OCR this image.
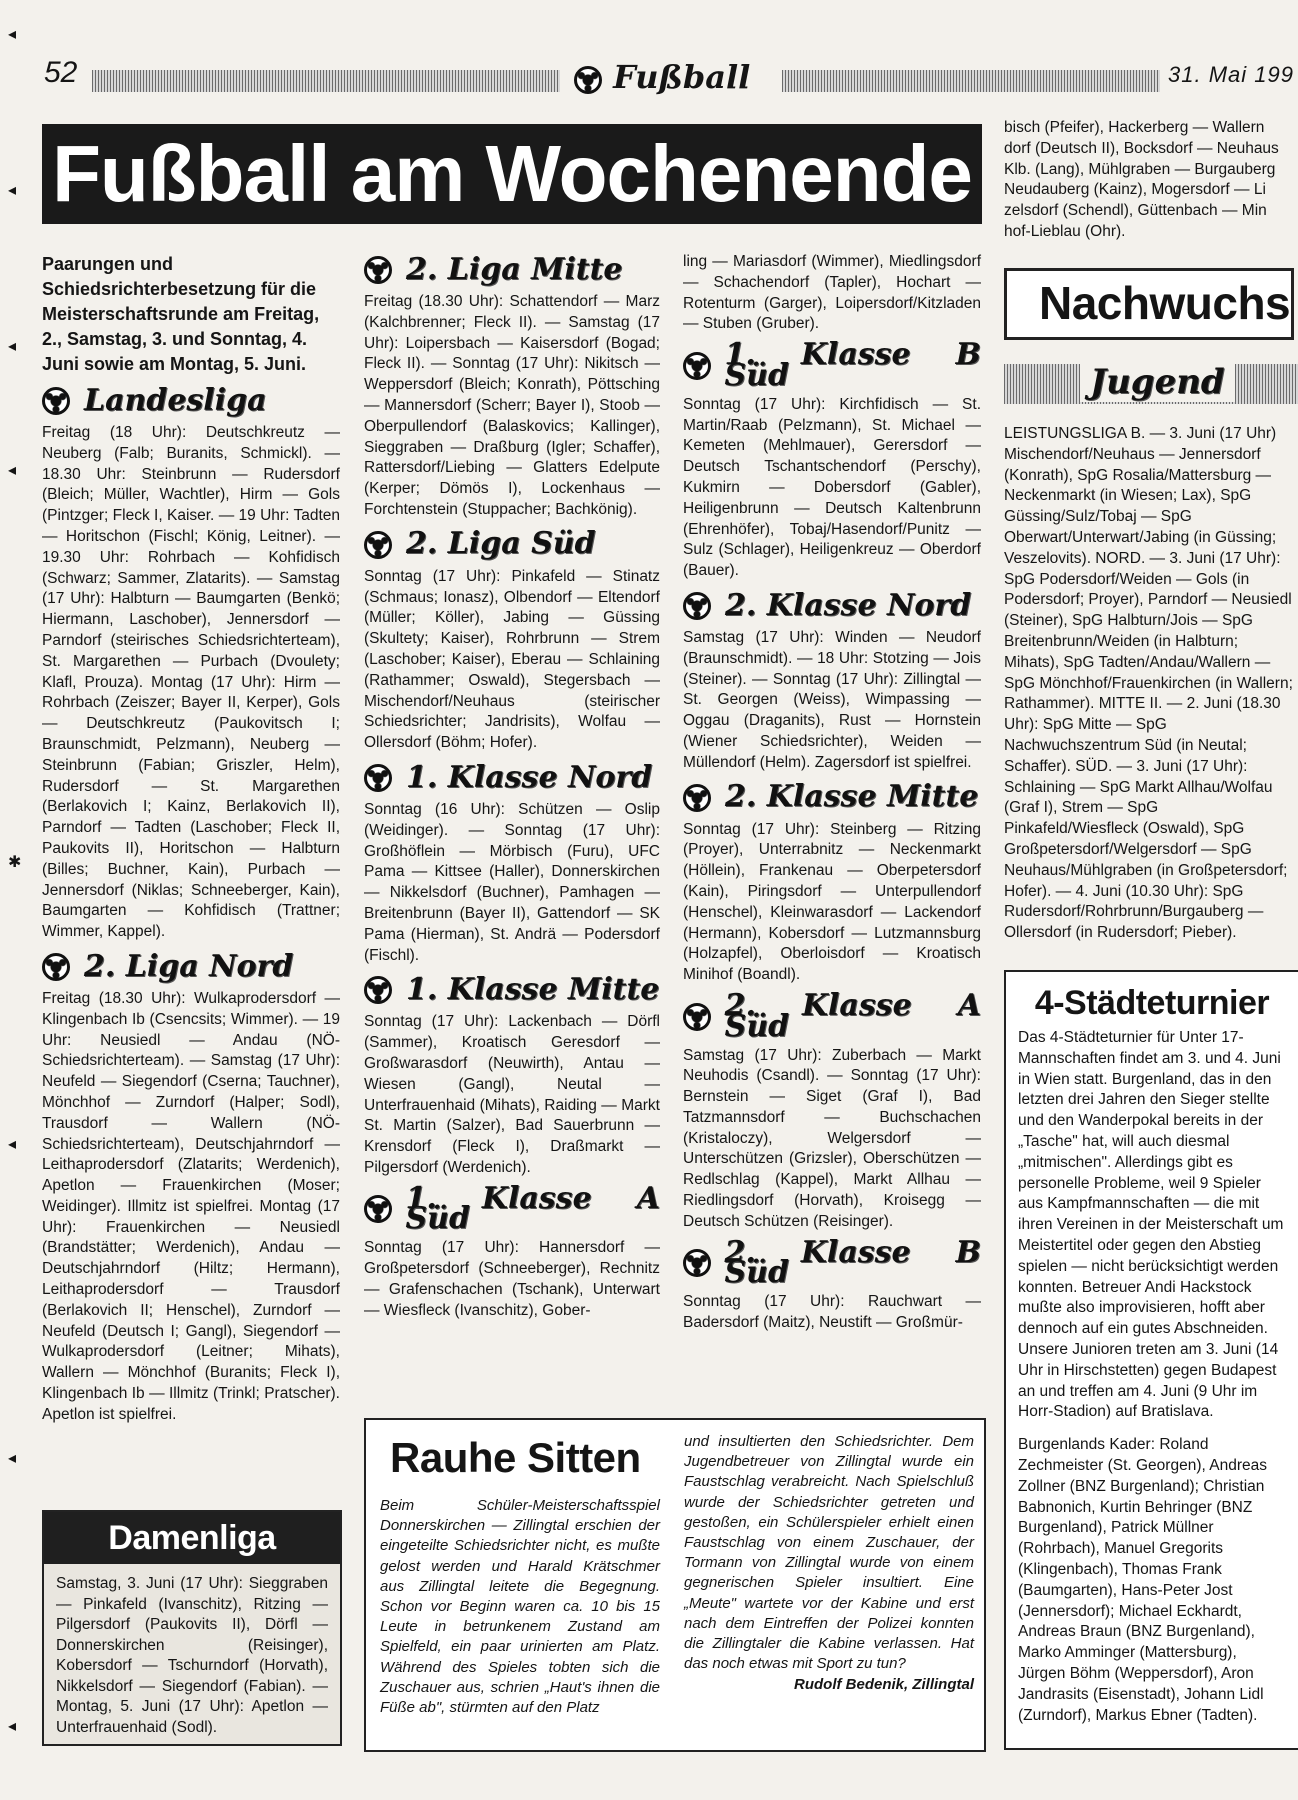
52	Fußball	31. Mai 199
Fußball am Wochenende

Paarungen und Schiedsrichterbesetzung für die Meisterschaftsrunde am Freitag, 2., Samstag, 3. und Sonntag, 4. Juni sowie am Montag, 5. Juni.

Landesliga

Freitag (18 Uhr): Deutschkreutz — Neuberg (Falb; Buranits, Schmickl). — 18.30 Uhr: Steinbrunn — Rudersdorf (Bleich; Müller, Wachtler), Hirm — Gols (Pintzger; Fleck I, Kaiser. — 19 Uhr: Tadten — Horitschon (Fischl; König, Leitner). — 19.30 Uhr: Rohrbach — Kohfidisch (Schwarz; Sammer, Zlatarits). — Samstag (17 Uhr): Halbturn — Baumgarten (Benkö; Hiermann, Laschober), Jennersdorf — Parndorf (steirisches Schiedsrichterteam), St. Margarethen — Purbach (Dvoulety; Klafl, Prouza). Montag (17 Uhr): Hirm — Rohrbach (Zeiszer; Bayer II, Kerper), Gols — Deutschkreutz (Paukovitsch I; Braunschmidt, Pelzmann), Neuberg — Steinbrunn (Fabian; Griszler, Helm), Rudersdorf — St. Margarethen (Berlakovich I; Kainz, Berlakovich II), Parndorf — Tadten (Laschober; Fleck II, Paukovits II), Horitschon — Halbturn (Billes; Buchner, Kain), Purbach — Jennersdorf (Niklas; Schneeberger, Kain), Baumgarten — Kohfidisch (Trattner; Wimmer, Kappel).

2. Liga Nord

Freitag (18.30 Uhr): Wulkaprodersdorf — Klingenbach Ib (Csencsits; Wimmer). — 19 Uhr: Neusiedl — Andau (NÖ-Schiedsrichterteam). — Samstag (17 Uhr): Neufeld — Siegendorf (Cserna; Tauchner), Mönchhof — Zurndorf (Halper; Sodl), Trausdorf — Wallern (NÖ-Schiedsrichterteam), Deutschjahrndorf — Leithaprodersdorf (Zlatarits; Werdenich), Apetlon — Frauenkirchen (Moser; Weidinger). Illmitz ist spielfrei. Montag (17 Uhr): Frauenkirchen — Neusiedl (Brandstätter; Werdenich), Andau — Deutschjahrndorf (Hiltz; Hermann), Leithaprodersdorf — Trausdorf (Berlakovich II; Henschel), Zurndorf — Neufeld (Deutsch I; Gangl), Siegendorf — Wulkaprodersdorf (Leitner; Mihats), Wallern — Mönchhof (Buranits; Fleck I), Klingenbach Ib — Illmitz (Trinkl; Pratscher). Apetlon ist spielfrei.

Damenliga

Samstag, 3. Juni (17 Uhr): Sieggraben — Pinkafeld (Ivanschitz), Ritzing — Pilgersdorf (Paukovits II), Dörfl — Donnerskirchen (Reisinger), Kobersdorf — Tschurndorf (Horvath), Nikkelsdorf — Siegendorf (Fabian). — Montag, 5. Juni (17 Uhr): Apetlon — Unterfrauenhaid (Sodl).

2. Liga Mitte

Freitag (18.30 Uhr): Schattendorf — Marz (Kalchbrenner; Fleck II). — Samstag (17 Uhr): Loipersbach — Kaisersdorf (Bogad; Fleck II). — Sonntag (17 Uhr): Nikitsch — Weppersdorf (Bleich; Konrath), Pöttsching — Mannersdorf (Scherr; Bayer I), Stoob — Oberpullendorf (Balaskovics; Kallinger), Sieggraben — Draßburg (Igler; Schaffer), Rattersdorf/Liebing — Glatters Edelpute (Kerper; Dömös I), Lockenhaus — Forchtenstein (Stuppacher; Bachkönig).

2. Liga Süd

Sonntag (17 Uhr): Pinkafeld — Stinatz (Schmaus; Ionasz), Olbendorf — Eltendorf (Müller; Köller), Jabing — Güssing (Skultety; Kaiser), Rohrbrunn — Strem (Laschober; Kaiser), Eberau — Schlaining (Rathammer; Oswald), Stegersbach — Mischendorf/Neuhaus (steirischer Schiedsrichter; Jandrisits), Wolfau — Ollersdorf (Böhm; Hofer).

1. Klasse Nord

Sonntag (16 Uhr): Schützen — Oslip (Weidinger). — Sonntag (17 Uhr): Großhöflein — Mörbisch (Furu), UFC Pama — Kittsee (Haller), Donnerskirchen — Nikkelsdorf (Buchner), Pamhagen — Breitenbrunn (Bayer II), Gattendorf — SK Pama (Hierman), St. Andrä — Podersdorf (Fischl).

1. Klasse Mitte

Sonntag (17 Uhr): Lackenbach — Dörfl (Sammer), Kroatisch Geresdorf — Großwarasdorf (Neuwirth), Antau — Wiesen (Gangl), Neutal — Unterfrauenhaid (Mihats), Raiding — Markt St. Martin (Salzer), Bad Sauerbrunn — Krensdorf (Fleck I), Draßmarkt — Pilgersdorf (Werdenich).

1. Klasse A Süd

Sonntag (17 Uhr): Hannersdorf — Großpetersdorf (Schneeberger), Rechnitz — Grafenschachen (Tschank), Unterwart — Wiesfleck (Ivanschitz), Gober-

ling — Mariasdorf (Wimmer), Miedlingsdorf — Schachendorf (Tapler), Hochart — Rotenturm (Garger), Loipersdorf/Kitzladen — Stuben (Gruber).

1. Klasse B Süd

Sonntag (17 Uhr): Kirchfidisch — St. Martin/Raab (Pelzmann), St. Michael — Kemeten (Mehlmauer), Gerersdorf — Deutsch Tschantschendorf (Perschy), Kukmirn — Dobersdorf (Gabler), Heiligenbrunn — Deutsch Kaltenbrunn (Ehrenhöfer), Tobaj/Hasendorf/Punitz — Sulz (Schlager), Heiligenkreuz — Oberdorf (Bauer).

2. Klasse Nord

Samstag (17 Uhr): Winden — Neudorf (Braunschmidt). — 18 Uhr: Stotzing — Jois (Steiner). — Sonntag (17 Uhr): Zillingtal — St. Georgen (Weiss), Wimpassing — Oggau (Draganits), Rust — Hornstein (Wiener Schiedsrichter), Weiden — Müllendorf (Helm). Zagersdorf ist spielfrei.

2. Klasse Mitte

Sonntag (17 Uhr): Steinberg — Ritzing (Proyer), Unterrabnitz — Neckenmarkt (Höllein), Frankenau — Oberpetersdorf (Kain), Piringsdorf — Unterpullendorf (Henschel), Kleinwarasdorf — Lackendorf (Hermann), Kobersdorf — Lutzmannsburg (Holzapfel), Oberloisdorf — Kroatisch Minihof (Boandl).

2. Klasse A Süd

Samstag (17 Uhr): Zuberbach — Markt Neuhodis (Csandl). — Sonntag (17 Uhr): Bernstein — Siget (Graf I), Bad Tatzmannsdorf — Buchschachen (Kristaloczy), Welgersdorf — Unterschützen (Grizsler), Oberschützen — Redlschlag (Kappel), Markt Allhau — Riedlingsdorf (Horvath), Kroisegg — Deutsch Schützen (Reisinger).

2. Klasse B Süd

Sonntag (17 Uhr): Rauchwart — Badersdorf (Maitz), Neustift — Großmür-

Rauhe Sitten

Beim Schüler-Meisterschaftsspiel Donnerskirchen — Zillingtal erschien der eingeteilte Schiedsrichter nicht, es mußte gelost werden und Harald Krätschmer aus Zillingtal leitete die Begegnung. Schon vor Beginn waren ca. 10 bis 15 Leute in betrunkenem Zustand am Spielfeld, ein paar urinierten am Platz. Während des Spieles tobten sich die Zuschauer aus, schrien „Haut's ihnen die Füße ab", stürmten auf den Platz

und insultierten den Schiedsrichter. Dem Jugendbetreuer von Zillingtal wurde ein Faustschlag verabreicht. Nach Spielschluß wurde der Schiedsrichter getreten und gestoßen, ein Schülerspieler erhielt einen Faustschlag von einem Zuschauer, der Tormann von Zillingtal wurde von einem gegnerischen Spieler insultiert. Eine „Meute" wartete vor der Kabine und erst nach dem Eintreffen der Polizei konnten die Zillingtaler die Kabine verlassen. Hat das noch etwas mit Sport zu tun?

Rudolf Bedenik, Zillingtal

bisch (Pfeifer), Hackerberg — Wallern dorf (Deutsch II), Bocksdorf — Neuhaus Klb. (Lang), Mühlgraben — Burgauberg Neudauberg (Kainz), Mogersdorf — Li zelsdorf (Schendl), Güttenbach — Min hof-Lieblau (Ohr).

Nachwuchs
Jugend

LEISTUNGSLIGA B. — 3. Juni (17 Uhr) Mischendorf/Neuhaus — Jennersdorf (Konrath), SpG Rosalia/Mattersburg — Neckenmarkt (in Wiesen; Lax), SpG Güssing/Sulz/Tobaj — SpG Oberwart/Unterwart/Jabing (in Güssing; Veszelovits). NORD. — 3. Juni (17 Uhr): SpG Podersdorf/Weiden — Gols (in Podersdorf; Proyer), Parndorf — Neusiedl (Steiner), SpG Halbturn/Jois — SpG Breitenbrunn/Weiden (in Halbturn; Mihats), SpG Tadten/Andau/Wallern — SpG Mönchhof/Frauenkirchen (in Wallern; Rathammer). MITTE II. — 2. Juni (18.30 Uhr): SpG Mitte — SpG Nachwuchszentrum Süd (in Neutal; Schaffer). SÜD. — 3. Juni (17 Uhr): Schlaining — SpG Markt Allhau/Wolfau (Graf I), Strem — SpG Pinkafeld/Wiesfleck (Oswald), SpG Großpetersdorf/Welgersdorf — SpG Neuhaus/Mühlgraben (in Großpetersdorf; Hofer). — 4. Juni (10.30 Uhr): SpG Rudersdorf/Rohrbrunn/Burgauberg — Ollersdorf (in Rudersdorf; Pieber).

4-Städteturnier

Das 4-Städteturnier für Unter 17-Mannschaften findet am 3. und 4. Juni in Wien statt. Burgenland, das in den letzten drei Jahren den Sieger stellte und den Wanderpokal bereits in der „Tasche" hat, will auch diesmal „mitmischen". Allerdings gibt es personelle Probleme, weil 9 Spieler aus Kampfmannschaften — die mit ihren Vereinen in der Meisterschaft um Meistertitel oder gegen den Abstieg spielen — nicht berücksichtigt werden konnten. Betreuer Andi Hackstock mußte also improvisieren, hofft aber dennoch auf ein gutes Abschneiden. Unsere Junioren treten am 3. Juni (14 Uhr in Hirschstetten) gegen Budapest an und treffen am 4. Juni (9 Uhr im Horr-Stadion) auf Bratislava.

Burgenlands Kader: Roland Zechmeister (St. Georgen), Andreas Zollner (BNZ Burgenland); Christian Babnonich, Kurtin Behringer (BNZ Burgenland), Patrick Müllner (Rohrbach), Manuel Gregorits (Klingenbach), Thomas Frank (Baumgarten), Hans-Peter Jost (Jennersdorf); Michael Eckhardt, Andreas Braun (BNZ Burgenland), Marko Amminger (Mattersburg), Jürgen Böhm (Weppersdorf), Aron Jandrasits (Eisenstadt), Johann Lidl (Zurndorf), Markus Ebner (Tadten).

◂
◂
◂
◂
✱
◂
◂
◂
